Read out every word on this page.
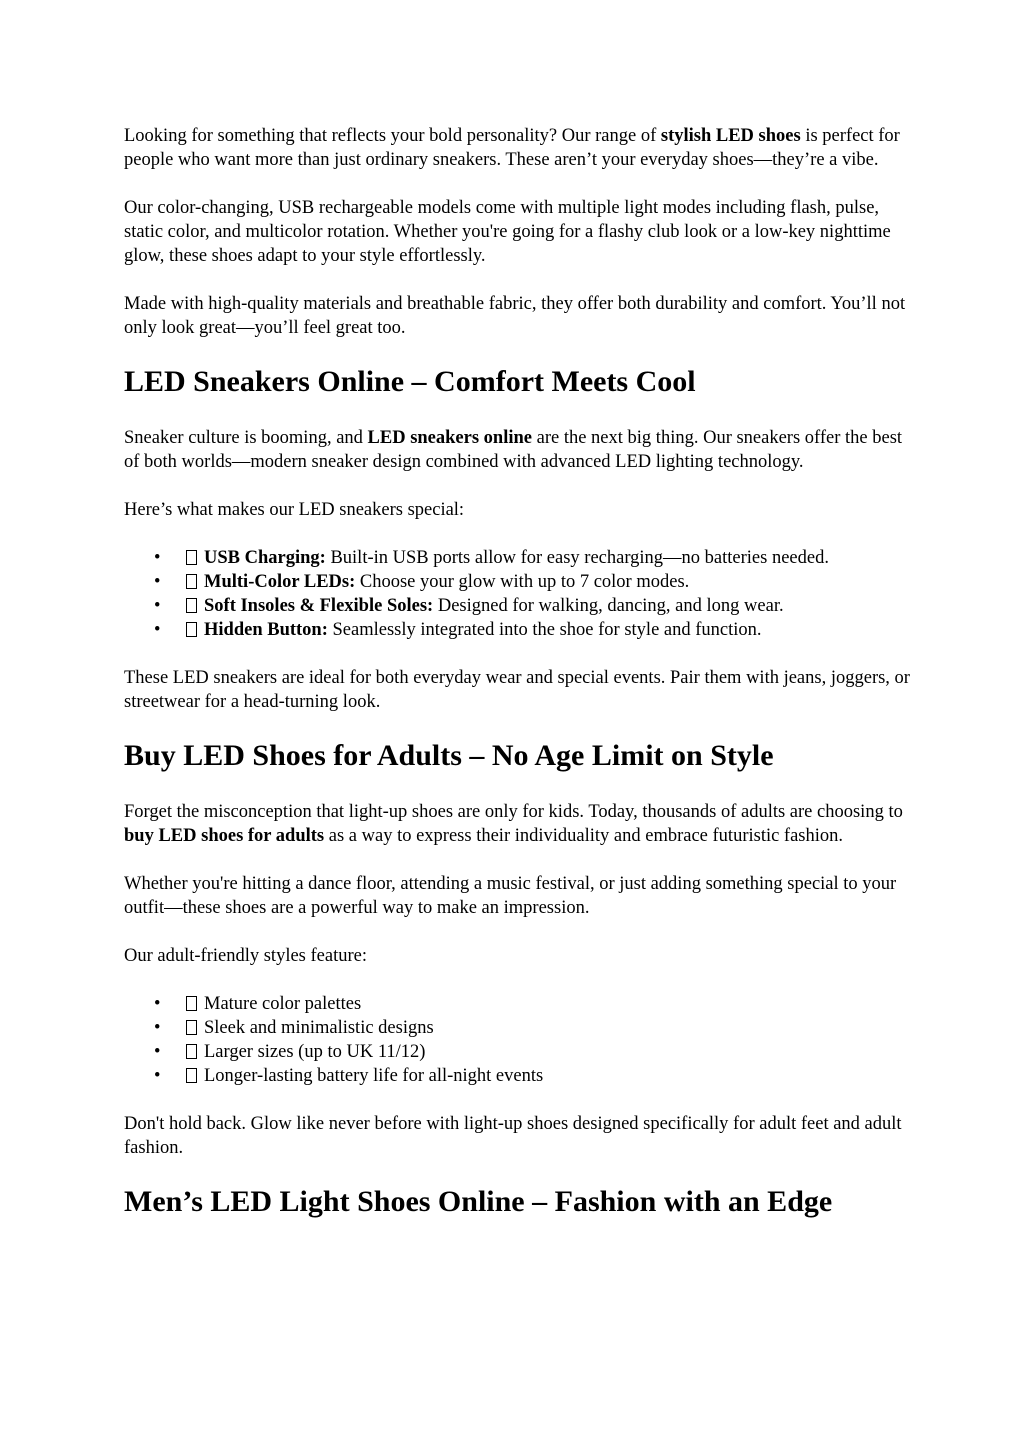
Looking for something that reflects your bold personality? Our range of stylish LED shoes is perfect for people who want more than just ordinary sneakers. These aren’t your everyday shoes—they’re a vibe.

Our color-changing, USB rechargeable models come with multiple light modes including flash, pulse, static color, and multicolor rotation. Whether you're going for a flashy club look or a low-key nighttime glow, these shoes adapt to your style effortlessly.

Made with high-quality materials and breathable fabric, they offer both durability and comfort. You’ll not only look great—you’ll feel great too.

LED Sneakers Online – Comfort Meets Cool

Sneaker culture is booming, and LED sneakers online are the next big thing. Our sneakers offer the best of both worlds—modern sneaker design combined with advanced LED lighting technology.

Here’s what makes our LED sneakers special:

• USB Charging: Built-in USB ports allow for easy recharging—no batteries needed.
• Multi-Color LEDs: Choose your glow with up to 7 color modes.
• Soft Insoles & Flexible Soles: Designed for walking, dancing, and long wear.
• Hidden Button: Seamlessly integrated into the shoe for style and function.

These LED sneakers are ideal for both everyday wear and special events. Pair them with jeans, joggers, or streetwear for a head-turning look.

Buy LED Shoes for Adults – No Age Limit on Style

Forget the misconception that light-up shoes are only for kids. Today, thousands of adults are choosing to buy LED shoes for adults as a way to express their individuality and embrace futuristic fashion.

Whether you're hitting a dance floor, attending a music festival, or just adding something special to your outfit—these shoes are a powerful way to make an impression.

Our adult-friendly styles feature:

• Mature color palettes
• Sleek and minimalistic designs
• Larger sizes (up to UK 11/12)
• Longer-lasting battery life for all-night events

Don't hold back. Glow like never before with light-up shoes designed specifically for adult feet and adult fashion.

Men’s LED Light Shoes Online – Fashion with an Edge
